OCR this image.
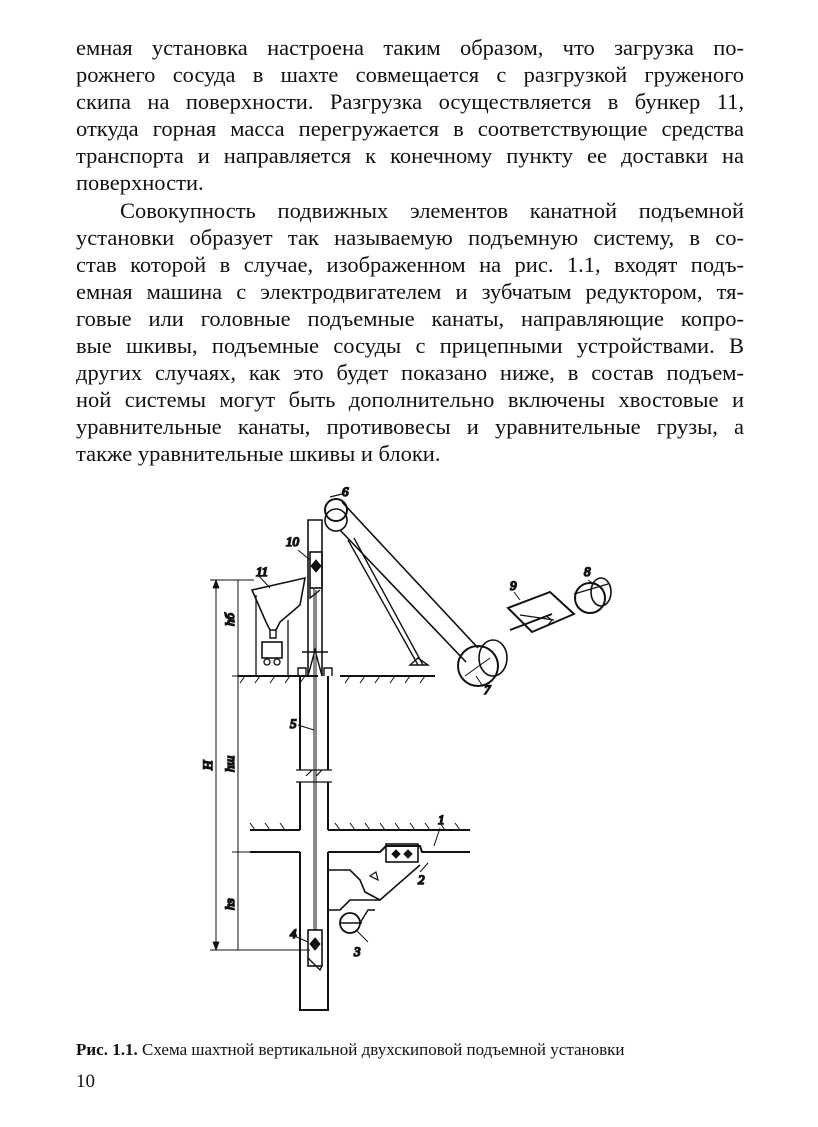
емная установка настроена таким образом, что загрузка по-
рожнего сосуда в шахте совмещается с разгрузкой груженого
скипа на поверхности. Разгрузка осуществляется в бункер 11,
откуда горная масса перегружается в соответствующие средства
транспорта и направляется к конечному пункту ее доставки на
поверхности.
Совокупность подвижных элементов канатной подъемной
установки образует так называемую подъемную систему, в со-
став которой в случае, изображенном на рис. 1.1, входят подъ-
емная машина с электродвигателем и зубчатым редуктором, тя-
говые или головные подъемные канаты, направляющие копро-
вые шкивы, подъемные сосуды с прицепными устройствами. В
других случаях, как это будет показано ниже, в состав подъем-
ной системы могут быть дополнительно включены хвостовые и
уравнительные канаты, противовесы и уравнительные грузы, а
также уравнительные шкивы и блоки.
6
10
11	8
9
7
5
1
2
3
4
H
hб
hш
hз
Рис. 1.1. Схема шахтной вертикальной двухскиповой подъемной установки
10
